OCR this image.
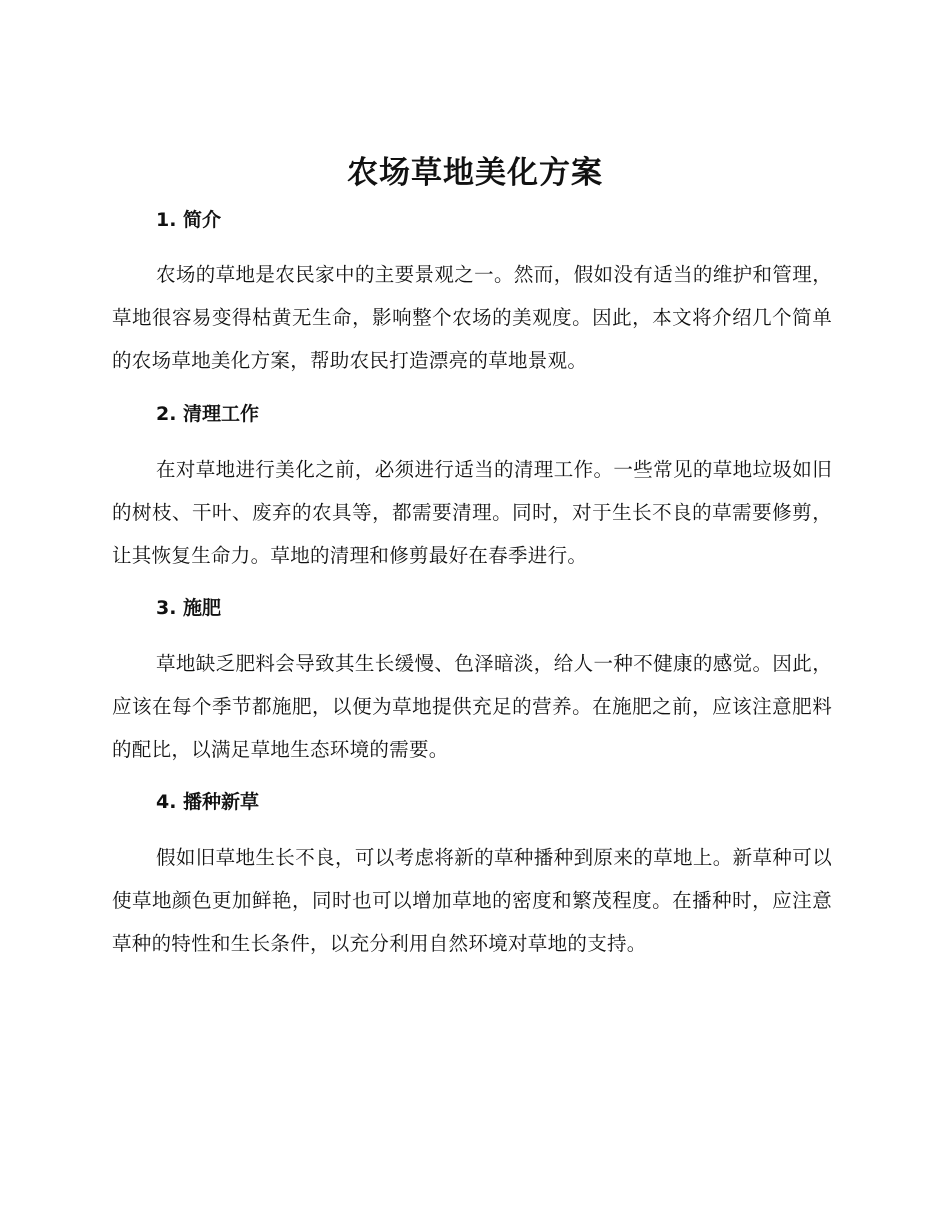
农场草地美化方案
1. 简介

农场的草地是农民家中的主要景观之一。然而，假如没有适当的维护和管理，草地很容易变得枯黄无生命，影响整个农场的美观度。因此，本文将介绍几个简单的农场草地美化方案，帮助农民打造漂亮的草地景观。

2. 清理工作

在对草地进行美化之前，必须进行适当的清理工作。一些常见的草地垃圾如旧的树枝、干叶、废弃的农具等，都需要清理。同时，对于生长不良的草需要修剪，让其恢复生命力。草地的清理和修剪最好在春季进行。

3. 施肥

草地缺乏肥料会导致其生长缓慢、色泽暗淡，给人一种不健康的感觉。因此，应该在每个季节都施肥，以便为草地提供充足的营养。在施肥之前，应该注意肥料的配比，以满足草地生态环境的需要。

4. 播种新草

假如旧草地生长不良，可以考虑将新的草种播种到原来的草地上。新草种可以使草地颜色更加鲜艳，同时也可以增加草地的密度和繁茂程度。在播种时，应注意草种的特性和生长条件，以充分利用自然环境对草地的支持。
